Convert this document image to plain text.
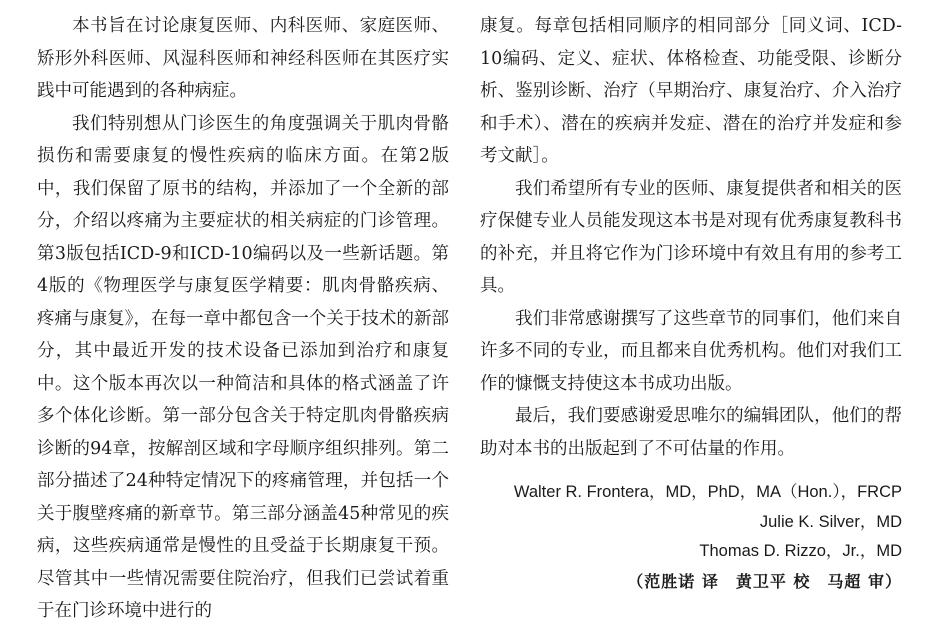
本书旨在讨论康复医师、内科医师、家庭医师、矫形外科医师、风湿科医师和神经科医师在其医疗实践中可能遇到的各种病症。

我们特别想从门诊医生的角度强调关于肌肉骨骼损伤和需要康复的慢性疾病的临床方面。在第2版中，我们保留了原书的结构，并添加了一个全新的部分，介绍以疼痛为主要症状的相关病症的门诊管理。第3版包括ICD-9和ICD-10编码以及一些新话题。第4版的《物理医学与康复医学精要：肌肉骨骼疾病、疼痛与康复》，在每一章中都包含一个关于技术的新部分，其中最近开发的技术设备已添加到治疗和康复中。这个版本再次以一种简洁和具体的格式涵盖了许多个体化诊断。第一部分包含关于特定肌肉骨骼疾病诊断的94章，按解剖区域和字母顺序组织排列。第二部分描述了24种特定情况下的疼痛管理，并包括一个关于腹壁疼痛的新章节。第三部分涵盖45种常见的疾病，这些疾病通常是慢性的且受益于长期康复干预。尽管其中一些情况需要住院治疗，但我们已尝试着重于在门诊环境中进行的

康复。每章包括相同顺序的相同部分［同义词、ICD-10编码、定义、症状、体格检查、功能受限、诊断分析、鉴别诊断、治疗（早期治疗、康复治疗、介入治疗和手术）、潜在的疾病并发症、潜在的治疗并发症和参考文献］。

我们希望所有专业的医师、康复提供者和相关的医疗保健专业人员能发现这本书是对现有优秀康复教科书的补充，并且将它作为门诊环境中有效且有用的参考工具。

我们非常感谢撰写了这些章节的同事们，他们来自许多不同的专业，而且都来自优秀机构。他们对我们工作的慷慨支持使这本书成功出版。

最后，我们要感谢爱思唯尔的编辑团队，他们的帮助对本书的出版起到了不可估量的作用。

Walter R. Frontera，MD，PhD，MA（Hon.），FRCP
Julie K. Silver，MD
Thomas D. Rizzo，Jr.，MD
（范胜诺 译　黄卫平 校　马超 审）
